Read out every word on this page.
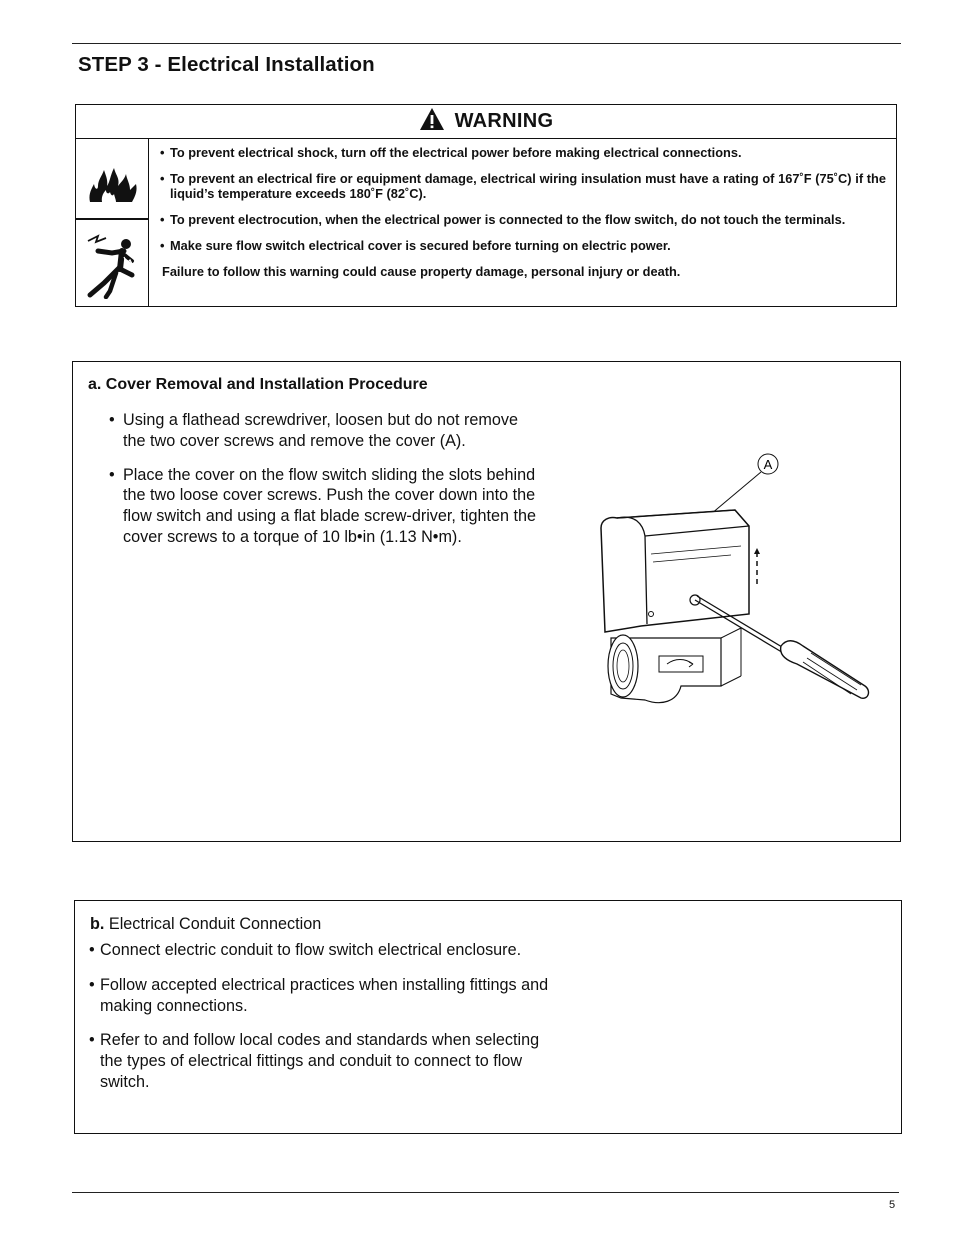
STEP 3 - Electrical Installation
WARNING
• To prevent electrical shock, turn off the electrical power before making electrical connections.
• To prevent an electrical fire or equipment damage, electrical wiring insulation must have a rating of 167˚F (75˚C) if the liquid’s temperature exceeds 180˚F (82˚C).
• To prevent electrocution, when the electrical power is connected to the flow switch, do not touch the terminals.
• Make sure flow switch electrical cover is secured before turning on electric power.
Failure to follow this warning could cause property damage, personal injury or death.
a. Cover Removal and Installation Procedure
• Using a flathead screwdriver, loosen but do not remove the two cover screws and remove the cover (A).
• Place the cover on the flow switch sliding the slots behind the two loose cover screws. Push the cover down into the flow switch and using a flat blade screw-driver, tighten the cover screws to a torque of 10 lb•in (1.13 N•m).
A
b. Electrical Conduit Connection
• Connect electric conduit to flow switch electrical enclosure.
• Follow accepted electrical practices when installing fittings and making connections.
• Refer to and follow local codes and standards when selecting the types of electrical fittings and conduit to connect to flow switch.
5
